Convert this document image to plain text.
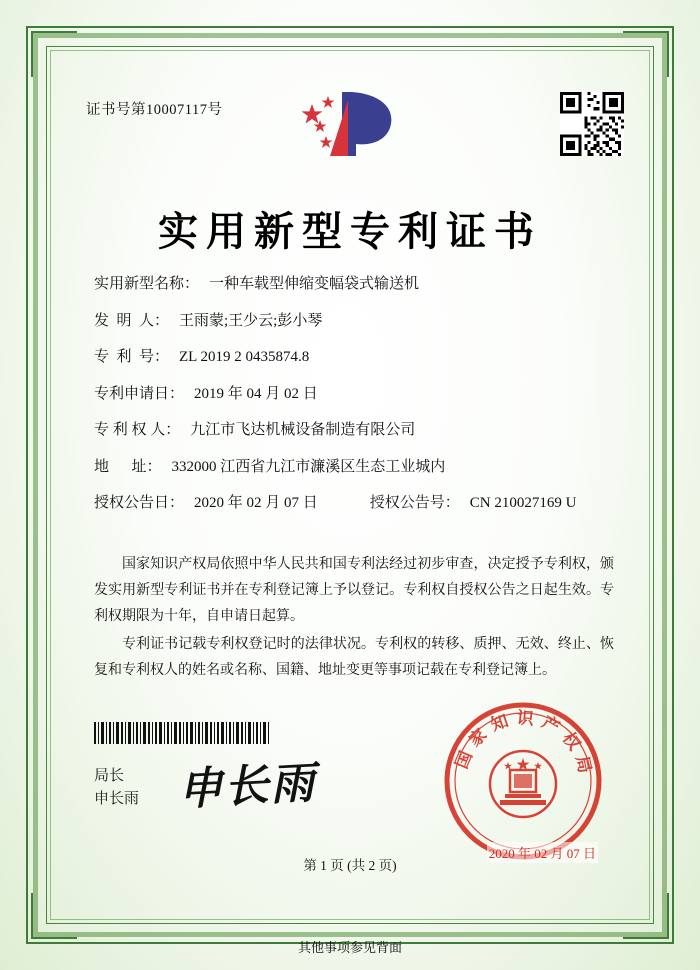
证书号第10007117号
实用新型专利证书
实用新型名称： 一种车载型伸缩变幅袋式输送机
发  明  人： 王雨蒙;王少云;彭小琴
专  利  号： ZL 2019 2 0435874.8
专利申请日： 2019 年 04 月 02 日
专 利 权 人： 九江市飞达机械设备制造有限公司
地      址： 332000 江西省九江市濂溪区生态工业城内
授权公告日： 2020 年 02 月 07 日	授权公告号： CN 210027169 U

国家知识产权局依照中华人民共和国专利法经过初步审查，决定授予专利权，颁发实用新型专利证书并在专利登记簿上予以登记。专利权自授权公告之日起生效。专利权期限为十年，自申请日起算。

专利证书记载专利权登记时的法律状况。专利权的转移、质押、无效、终止、恢复和专利权人的姓名或名称、国籍、地址变更等事项记载在专利登记簿上。

局长
申长雨 申长雨
国家知识产权局
2020 年 02 月 07 日
第 1 页 (共 2 页)
其他事项参见背面
